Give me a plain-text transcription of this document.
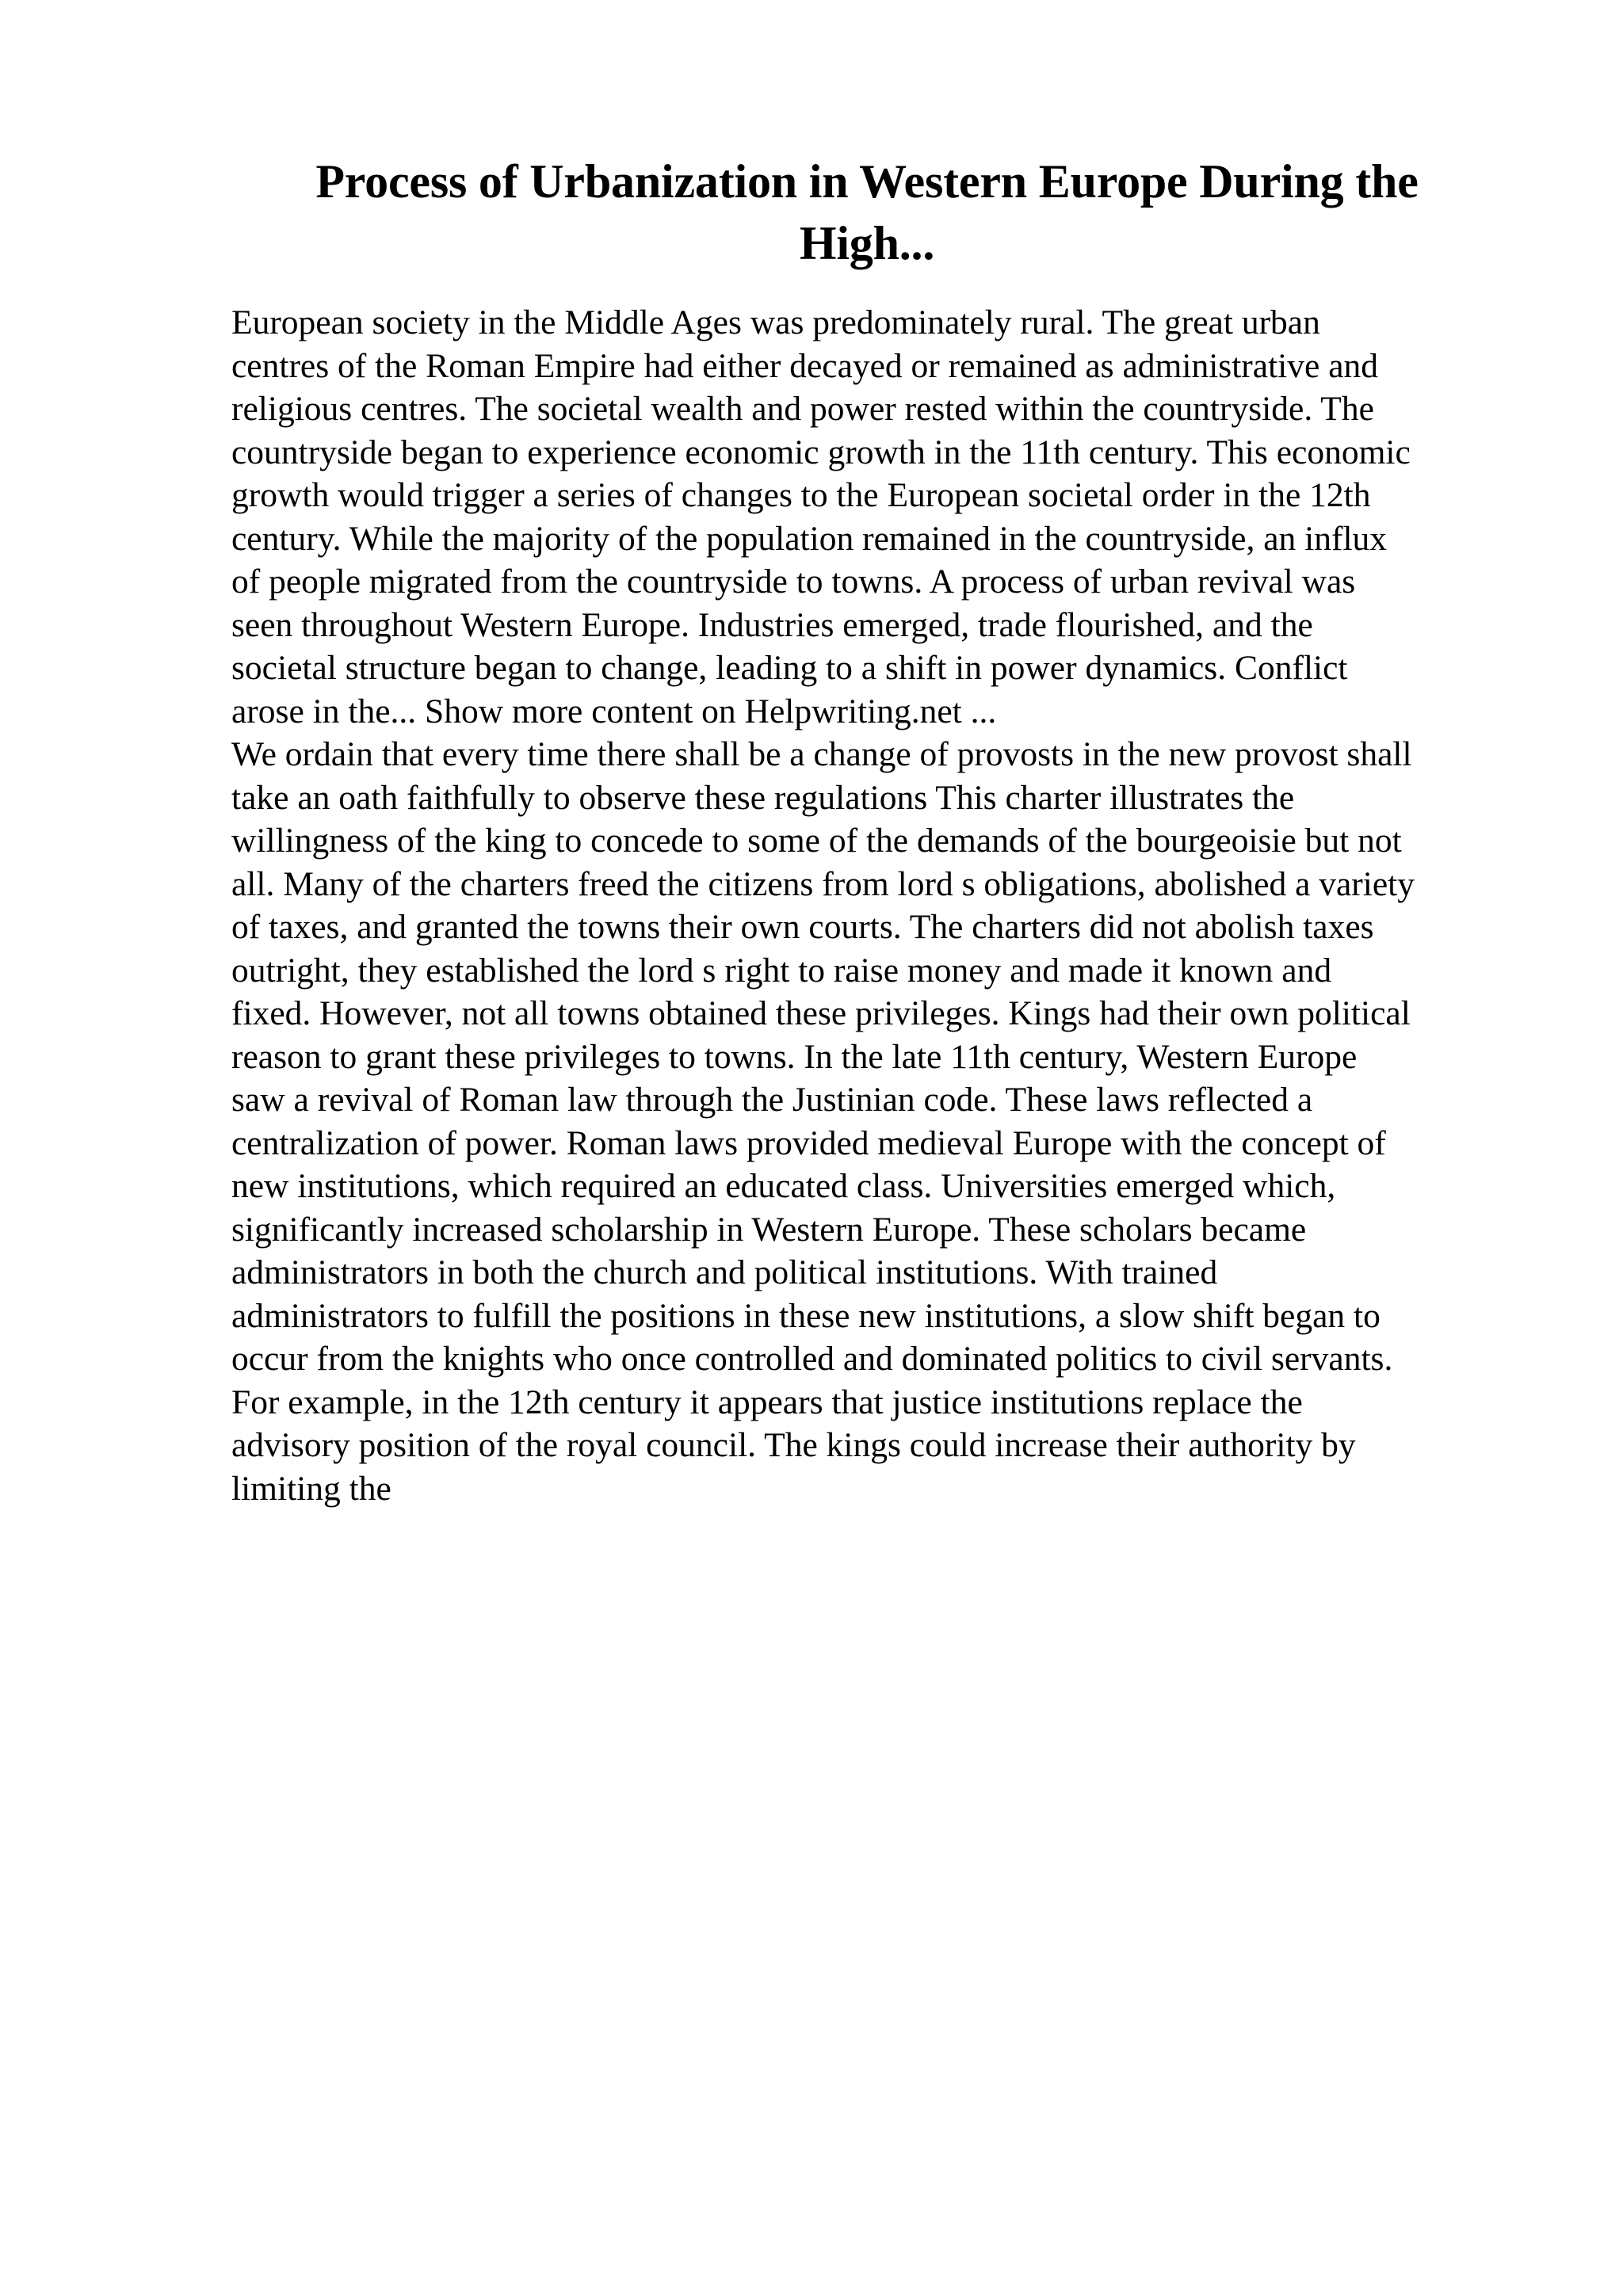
Process of Urbanization in Western Europe During the
High...
European society in the Middle Ages was predominately rural. The great urban
centres of the Roman Empire had either decayed or remained as administrative and
religious centres. The societal wealth and power rested within the countryside. The
countryside began to experience economic growth in the 11th century. This economic
growth would trigger a series of changes to the European societal order in the 12th
century. While the majority of the population remained in the countryside, an influx
of people migrated from the countryside to towns. A process of urban revival was
seen throughout Western Europe. Industries emerged, trade flourished, and the
societal structure began to change, leading to a shift in power dynamics. Conflict
arose in the... Show more content on Helpwriting.net ...
We ordain that every time there shall be a change of provosts in the new provost shall
take an oath faithfully to observe these regulations This charter illustrates the
willingness of the king to concede to some of the demands of the bourgeoisie but not
all. Many of the charters freed the citizens from lord s obligations, abolished a variety
of taxes, and granted the towns their own courts. The charters did not abolish taxes
outright, they established the lord s right to raise money and made it known and
fixed. However, not all towns obtained these privileges. Kings had their own political
reason to grant these privileges to towns. In the late 11th century, Western Europe
saw a revival of Roman law through the Justinian code. These laws reflected a
centralization of power. Roman laws provided medieval Europe with the concept of
new institutions, which required an educated class. Universities emerged which,
significantly increased scholarship in Western Europe. These scholars became
administrators in both the church and political institutions. With trained
administrators to fulfill the positions in these new institutions, a slow shift began to
occur from the knights who once controlled and dominated politics to civil servants.
For example, in the 12th century it appears that justice institutions replace the
advisory position of the royal council. The kings could increase their authority by
limiting the
